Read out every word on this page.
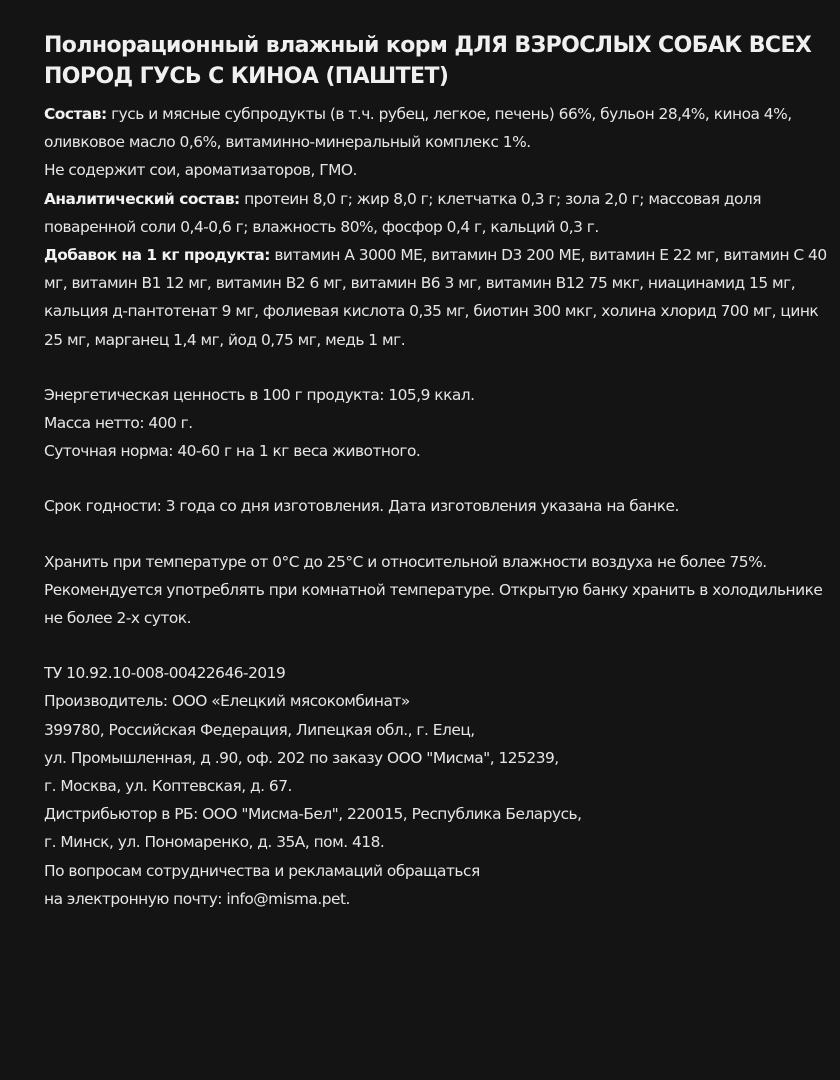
Полнорационный влажный корм ДЛЯ ВЗРОСЛЫХ СОБАК ВСЕХ ПОРОД ГУСЬ С КИНОА (ПАШТЕТ)

Состав: гусь и мясные субпродукты (в т.ч. рубец, легкое, печень) 66%, бульон 28,4%, киноа 4%, оливковое масло 0,6%, витаминно-минеральный комплекс 1%.

Не содержит сои, ароматизаторов, ГМО.

Аналитический состав: протеин 8,0 г; жир 8,0 г; клетчатка 0,3 г; зола 2,0 г; массовая доля поваренной соли 0,4-0,6 г; влажность 80%, фосфор 0,4 г, кальций 0,3 г.

Добавок на 1 кг продукта: витамин А 3000 МЕ, витамин D3 200 МЕ, витамин Е 22 мг, витамин С 40 мг, витамин В1 12 мг, витамин В2 6 мг, витамин В6 3 мг, витамин В12 75 мкг, ниацинамид 15 мг, кальция д-пантотенат 9 мг, фолиевая кислота 0,35 мг, биотин 300 мкг, холина хлорид 700 мг, цинк 25 мг, марганец 1,4 мг, йод 0,75 мг, медь 1 мг.

Энергетическая ценность в 100 г продукта: 105,9 ккал.

Масса нетто: 400 г.

Суточная норма: 40-60 г на 1 кг веса животного.

Срок годности: 3 года со дня изготовления. Дата изготовления указана на банке.

Хранить при температуре от 0°С до 25°С и относительной влажности воздуха не более 75%.

Рекомендуется употреблять при комнатной температуре. Открытую банку хранить в холодильнике не более 2-х суток.

ТУ 10.92.10-008-00422646-2019

Производитель: ООО «Елецкий мясокомбинат»

399780, Российская Федерация, Липецкая обл., г. Елец,

ул. Промышленная, д .90, оф. 202 по заказу ООО "Мисма", 125239,

г. Москва, ул. Коптевская, д. 67.

Дистрибьютор в РБ: ООО "Мисма-Бел", 220015, Республика Беларусь,

г. Минск, ул. Пономаренко, д. 35А, пом. 418.

По вопросам сотрудничества и рекламаций обращаться

на электронную почту: info@misma.pet.
